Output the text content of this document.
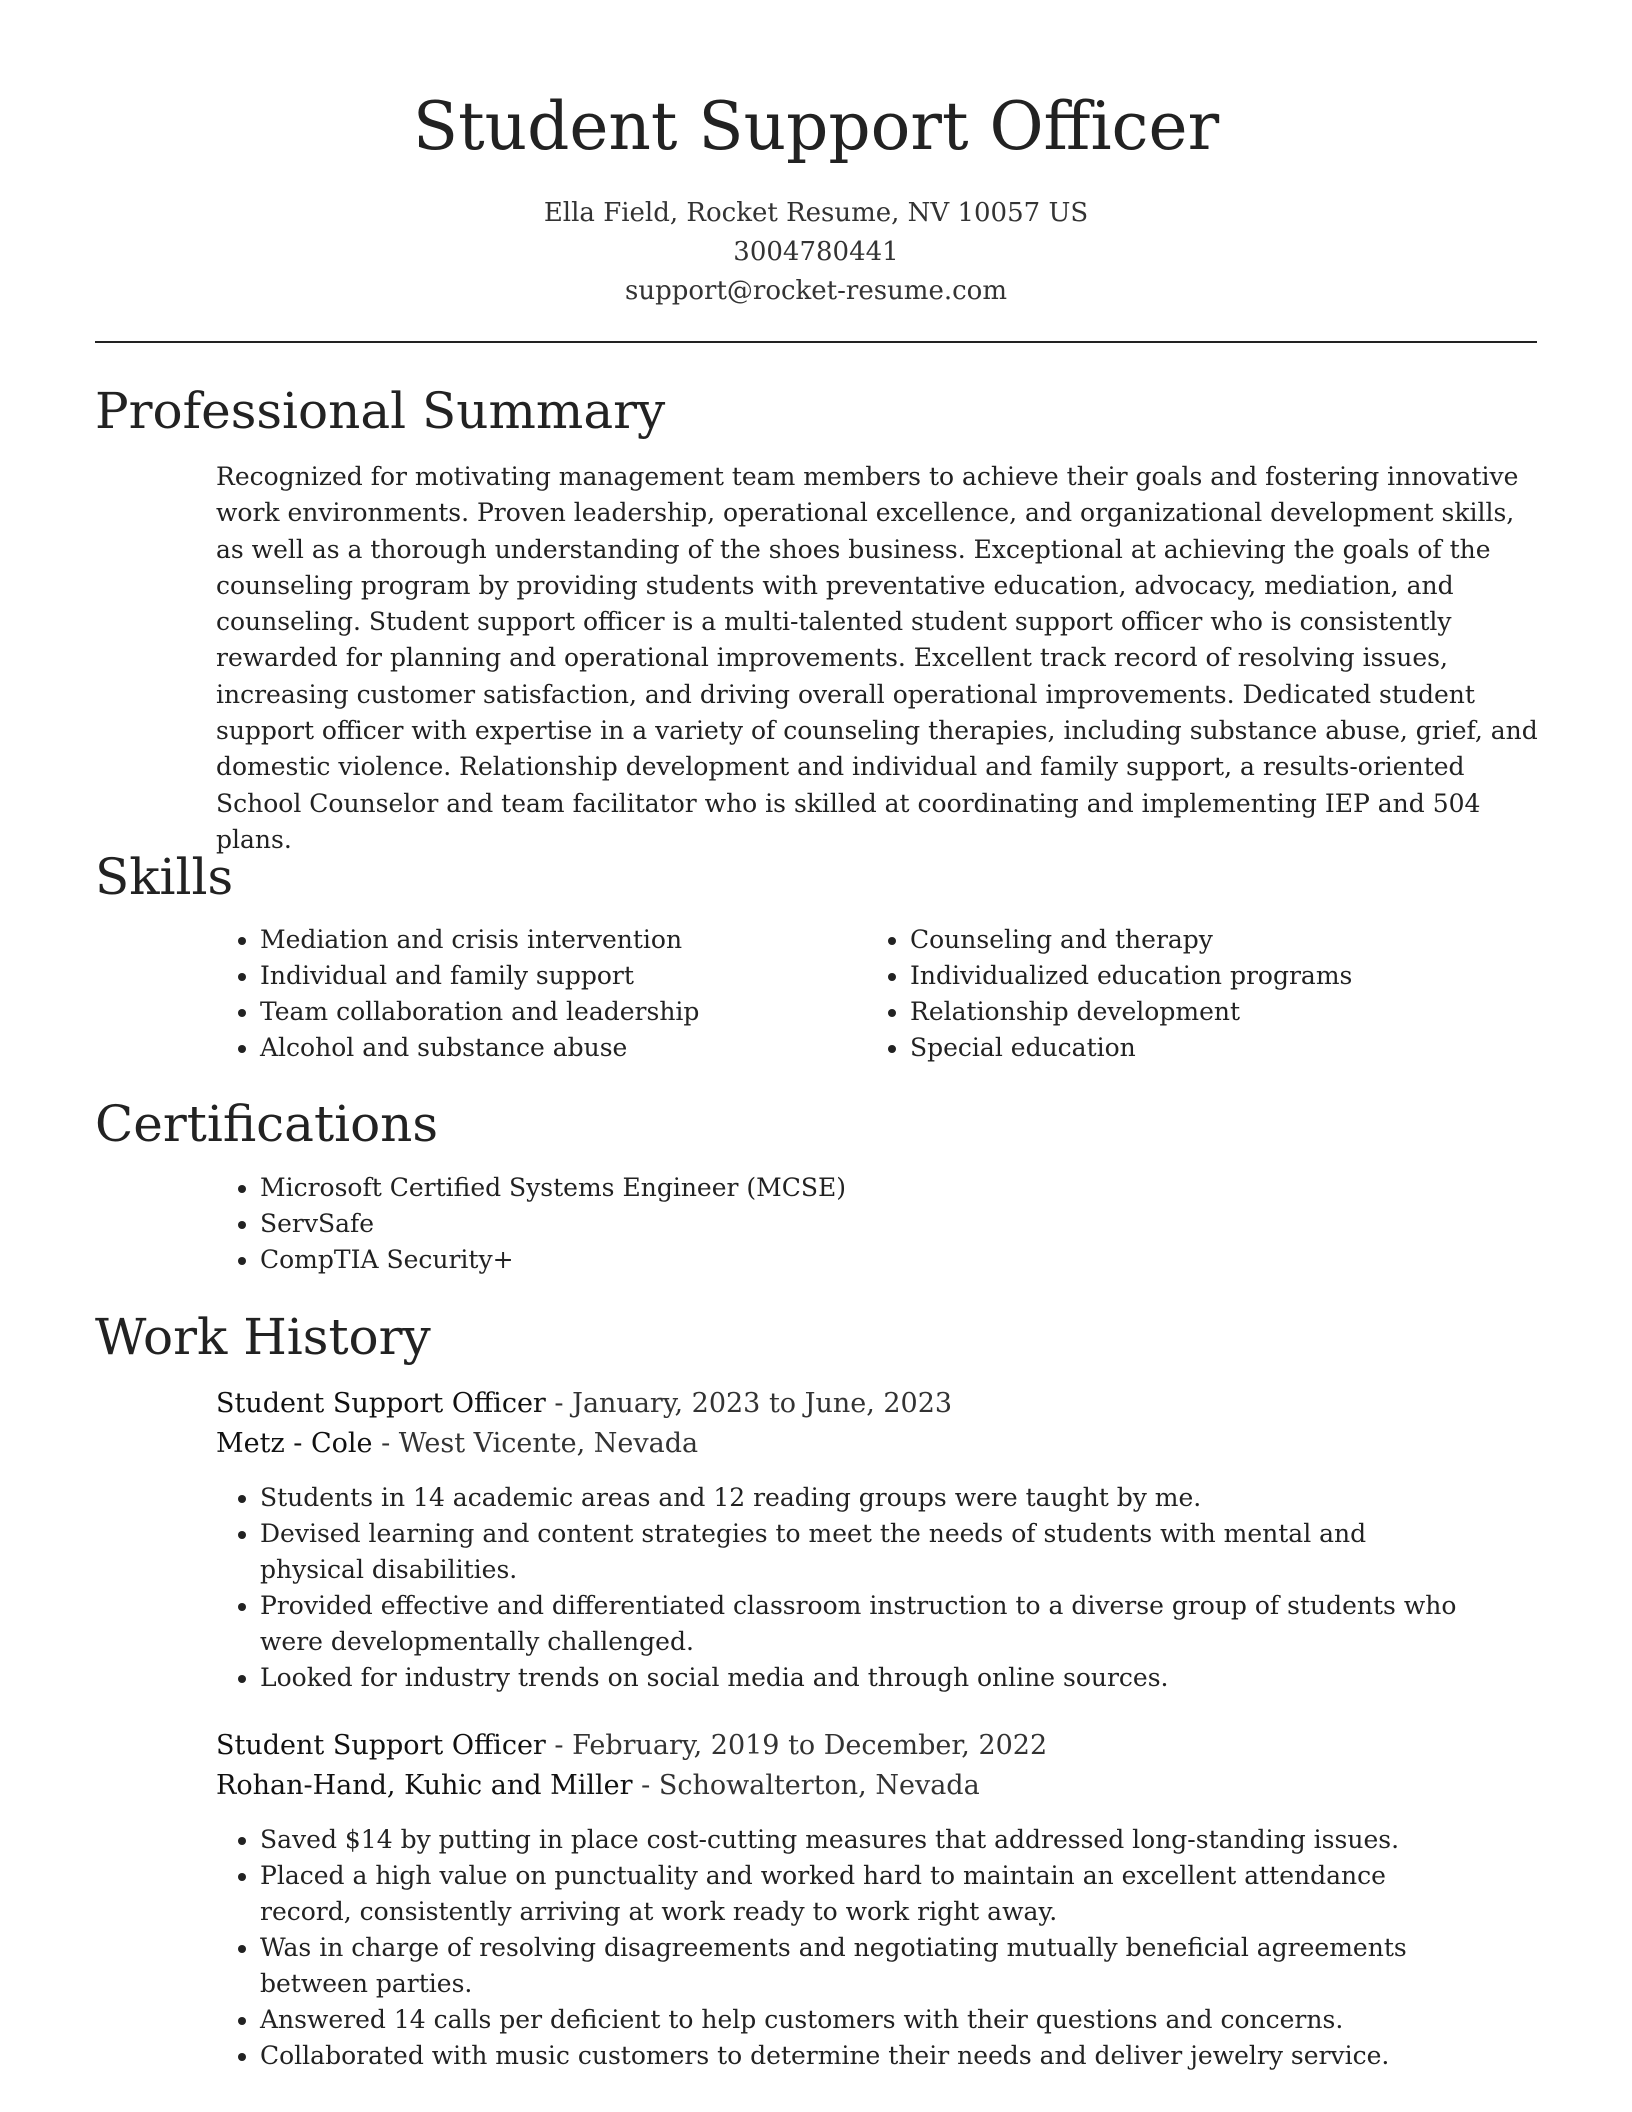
Student Support Officer

Ella Field, Rocket Resume, NV 10057 US

3004780441

support@rocket-resume.com

Professional Summary

Recognized for motivating management team members to achieve their goals and fostering innovative work environments. Proven leadership, operational excellence, and organizational development skills, as well as a thorough understanding of the shoes business. Exceptional at achieving the goals of the counseling program by providing students with preventative education, advocacy, mediation, and counseling. Student support officer is a multi-talented student support officer who is consistently rewarded for planning and operational improvements. Excellent track record of resolving issues, increasing customer satisfaction, and driving overall operational improvements. Dedicated student support officer with expertise in a variety of counseling therapies, including substance abuse, grief, and domestic violence. Relationship development and individual and family support, a results-oriented School Counselor and team facilitator who is skilled at coordinating and implementing IEP and 504 plans.

Skills
• Mediation and crisis intervention
• Individual and family support
• Team collaboration and leadership
• Alcohol and substance abuse
• Counseling and therapy
• Individualized education programs
• Relationship development
• Special education
Certifications
• Microsoft Certified Systems Engineer (MCSE)
• ServSafe
• CompTIA Security+
Work History

Student Support Officer - January, 2023 to June, 2023

Metz - Cole - West Vicente, Nevada

• Students in 14 academic areas and 12 reading groups were taught by me.
• Devised learning and content strategies to meet the needs of students with mental and physical disabilities.
• Provided effective and differentiated classroom instruction to a diverse group of students who were developmentally challenged.
• Looked for industry trends on social media and through online sources.

Student Support Officer - February, 2019 to December, 2022

Rohan-Hand, Kuhic and Miller - Schowalterton, Nevada

• Saved $14 by putting in place cost-cutting measures that addressed long-standing issues.
• Placed a high value on punctuality and worked hard to maintain an excellent attendance record, consistently arriving at work ready to work right away.
• Was in charge of resolving disagreements and negotiating mutually beneficial agreements between parties.
• Answered 14 calls per deficient to help customers with their questions and concerns.
• Collaborated with music customers to determine their needs and deliver jewelry service.
